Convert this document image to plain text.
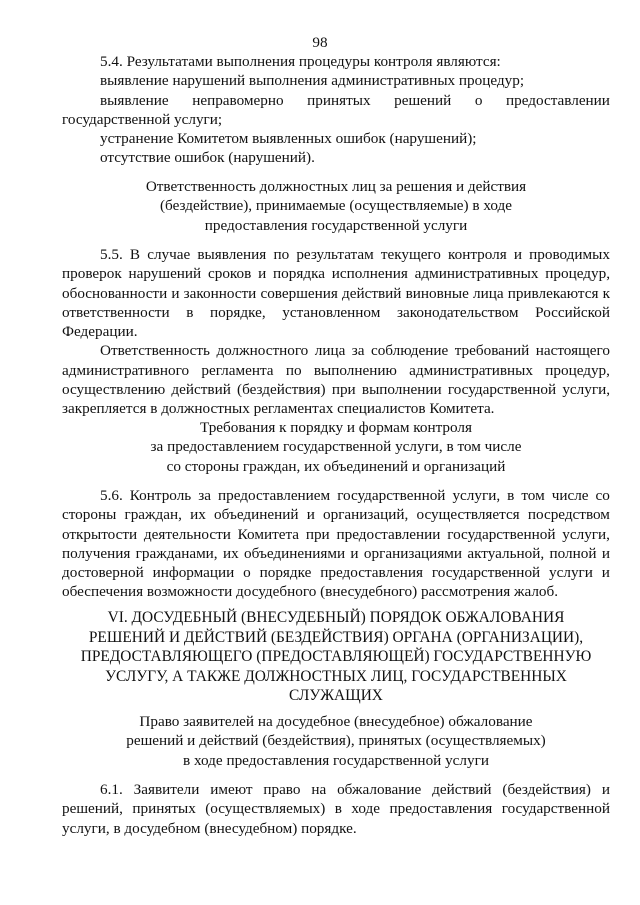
98
5.4. Результатами выполнения процедуры контроля являются:
выявление нарушений выполнения административных процедур;
выявление неправомерно принятых решений о предоставлении
государственной услуги;
устранение Комитетом выявленных ошибок (нарушений);
отсутствие ошибок (нарушений).
Ответственность должностных лиц за решения и действия
(бездействие), принимаемые (осуществляемые) в ходе
предоставления государственной услуги
5.5. В случае выявления по результатам текущего контроля и проводимых
проверок нарушений сроков и порядка исполнения административных процедур,
обоснованности и законности совершения действий виновные лица привлекаются к
ответственности в порядке, установленном законодательством Российской
Федерации.
Ответственность должностного лица за соблюдение требований настоящего
административного регламента по выполнению административных процедур,
осуществлению действий (бездействия) при выполнении государственной услуги,
закрепляется в должностных регламентах специалистов Комитета.
Требования к порядку и формам контроля
за предоставлением государственной услуги, в том числе
со стороны граждан, их объединений и организаций
5.6. Контроль за предоставлением государственной услуги, в том числе со
стороны граждан, их объединений и организаций, осуществляется посредством
открытости деятельности Комитета при предоставлении государственной услуги,
получения гражданами, их объединениями и организациями актуальной, полной и
достоверной информации о порядке предоставления государственной услуги и
обеспечения возможности досудебного (внесудебного) рассмотрения жалоб.
VI. ДОСУДЕБНЫЙ (ВНЕСУДЕБНЫЙ) ПОРЯДОК ОБЖАЛОВАНИЯ
РЕШЕНИЙ И ДЕЙСТВИЙ (БЕЗДЕЙСТВИЯ) ОРГАНА (ОРГАНИЗАЦИИ),
ПРЕДОСТАВЛЯЮЩЕГО (ПРЕДОСТАВЛЯЮЩЕЙ) ГОСУДАРСТВЕННУЮ
УСЛУГУ, А ТАКЖЕ ДОЛЖНОСТНЫХ ЛИЦ, ГОСУДАРСТВЕННЫХ
СЛУЖАЩИХ
Право заявителей на досудебное (внесудебное) обжалование
решений и действий (бездействия), принятых (осуществляемых)
в ходе предоставления государственной услуги
6.1. Заявители имеют право на обжалование действий (бездействия) и
решений, принятых (осуществляемых) в ходе предоставления государственной
услуги, в досудебном (внесудебном) порядке.
